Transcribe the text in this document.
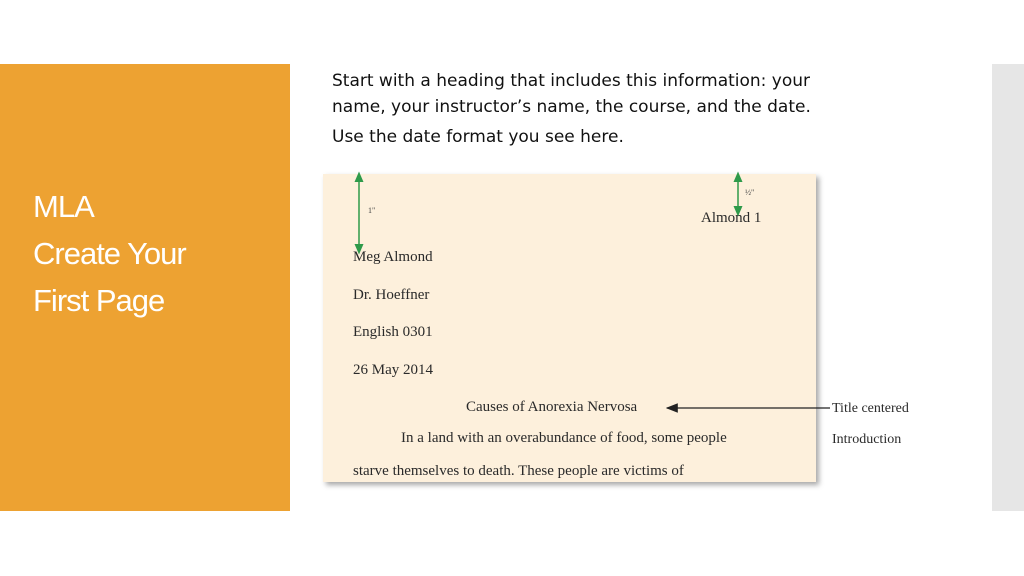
MLA
Create Your
First Page
Start with a heading that includes this information: your
name, your instructor’s name, the course, and the date.
Use the date format you see here.
1"
½"
Almond 1
Meg Almond
Dr. Hoeffner
English 0301
26 May 2014
Causes of Anorexia Nervosa
In a land with an overabundance of food, some people
starve themselves to death. These people are victims of
Title centered
Introduction
